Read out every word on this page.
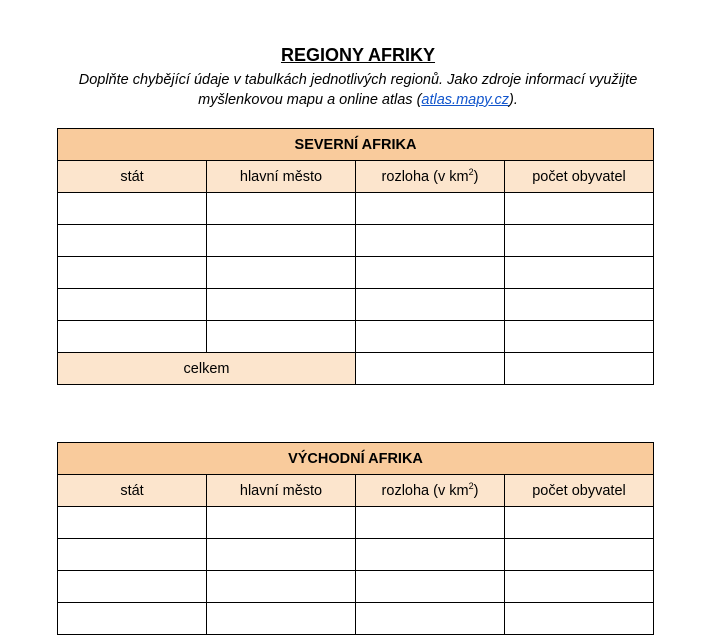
REGIONY AFRIKY
Doplňte chybějící údaje v tabulkách jednotlivých regionů. Jako zdroje informací využijte myšlenkovou mapu a online atlas (atlas.mapy.cz).
SEVERNÍ AFRIKA			
stát	hlavní město	rozloha (v $km^2$)	počet obyvatel

celkem			
VÝCHODNÍ AFRIKA			
stát	hlavní město	rozloha (v $km^2$)	počet obyvatel
